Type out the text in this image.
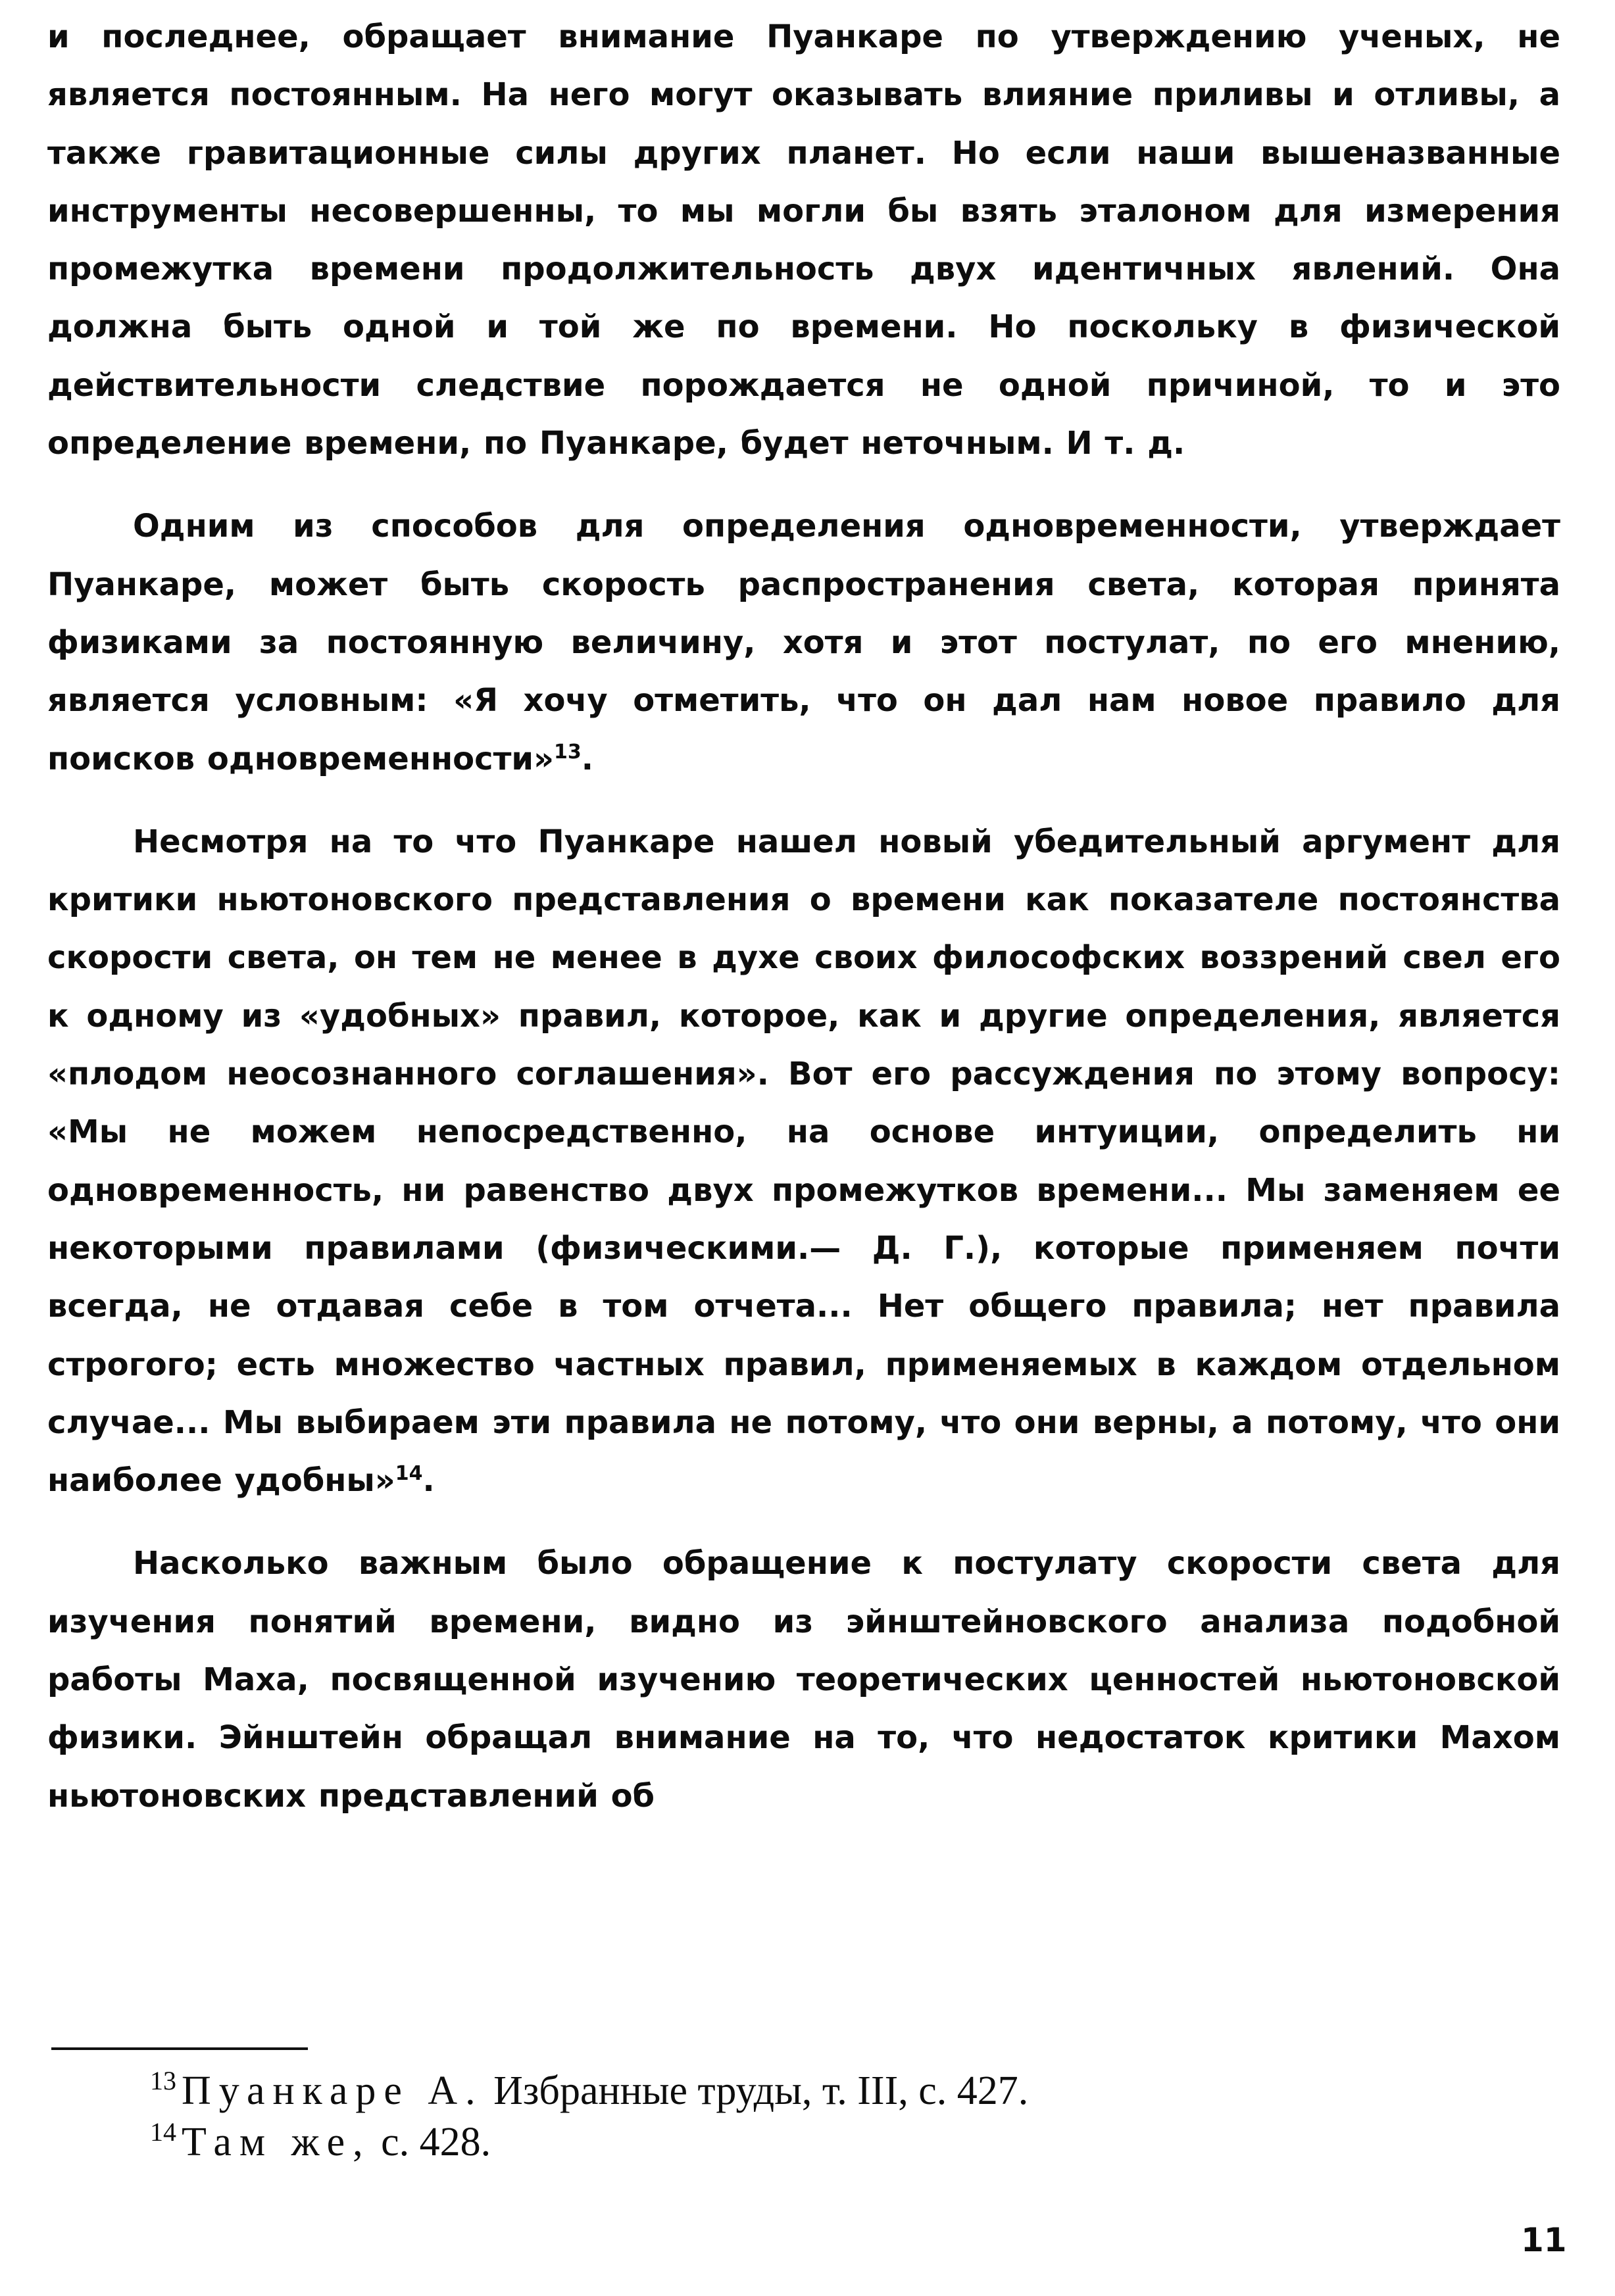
и последнее, обращает внимание Пуанкаре по утверждению ученых, не является постоянным. На него могут оказывать влияние приливы и отливы, а также гравитационные силы других планет. Но если наши вышеназванные инструменты несовершенны, то мы могли бы взять эталоном для измерения промежутка времени продолжительность двух идентичных явлений. Она должна быть одной и той же по времени. Но поскольку в физической действительности следствие порождается не одной причиной, то и это определение времени, по Пуанкаре, будет неточным. И т. д.

Одним из способов для определения одновременности, утверждает Пуанкаре, может быть скорость распространения света, которая принята физиками за постоянную величину, хотя и этот постулат, по его мнению, является условным: «Я хочу отметить, что он дал нам новое правило для поисков одновременности»$^{13}$.

Несмотря на то что Пуанкаре нашел новый убедительный аргумент для критики ньютоновского представления о времени как показателе постоянства скорости света, он тем не менее в духе своих философских воззрений свел его к одному из «удобных» правил, которое, как и другие определения, является «плодом неосознанного соглашения». Вот его рассуждения по этому вопросу: «Мы не можем непосредственно, на основе интуиции, определить ни одновременность, ни равенство двух промежутков времени... Мы заменяем ее некоторыми правилами (физическими.— Д. Г.), которые применяем почти всегда, не отдавая себе в том отчета... Нет общего правила; нет правила строгого; есть множество частных правил, применяемых в каждом отдельном случае... Мы выбираем эти правила не потому, что они верны, а потому, что они наиболее удобны»$^{14}$.

Насколько важным было обращение к постулату скорости света для изучения понятий времени, видно из эйнштейновского анализа подобной работы Маха, посвященной изучению теоретических ценностей ньютоновской физики. Эйнштейн обращал внимание на то, что недостаток критики Махом ньютоновских представлений об

$^{13}$ Пуанкаре А. Избранные труды, т. III, с. 427.

$^{14}$ Там же, с. 428.

11
